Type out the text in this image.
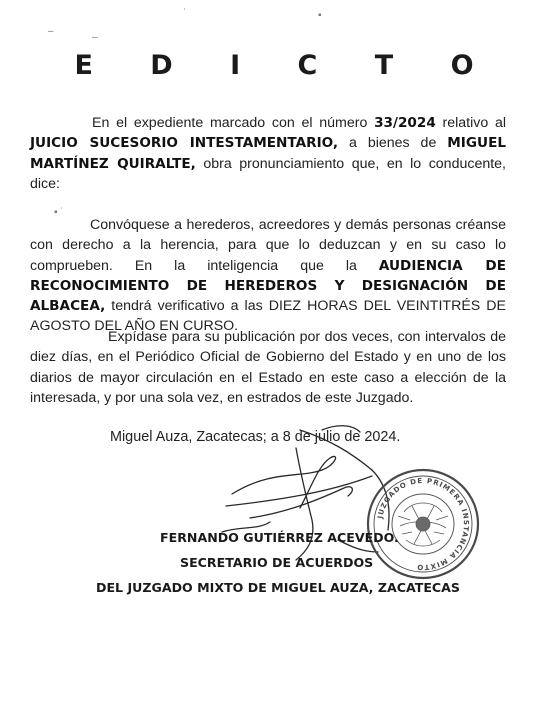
–
–
ˈ	▪
▪ ˙
E D I C T O
En el expediente marcado con el número 33/2024 relativo al JUICIO SUCESORIO INTESTAMENTARIO, a bienes de MIGUEL MARTÍNEZ QUIRALTE, obra pronunciamiento que, en lo conducente, dice:
Convóquese a herederos, acreedores y demás personas créanse con derecho a la herencia, para que lo deduzcan y en su caso lo comprueben. En la inteligencia que la AUDIENCIA DE RECONOCIMIENTO DE HEREDEROS Y DESIGNACIÓN DE ALBACEA, tendrá verificativo a las DIEZ HORAS DEL VEINTITRÉS DE AGOSTO DEL AÑO EN CURSO.
Expídase para su publicación por dos veces, con intervalos de diez días, en el Periódico Oficial de Gobierno del Estado y en uno de los diarios de mayor circulación en el Estado en este caso a elección de la interesada, y por una sola vez, en estrados de este Juzgado.
Miguel Auza, Zacatecas; a 8 de julio de 2024.
JUZGADO DE PRIMERA INSTANCIA MIXTO
FERNANDO GUTIÉRREZ ACEVEDO.
SECRETARIO DE ACUERDOS
DEL JUZGADO MIXTO DE MIGUEL AUZA, ZACATECAS
